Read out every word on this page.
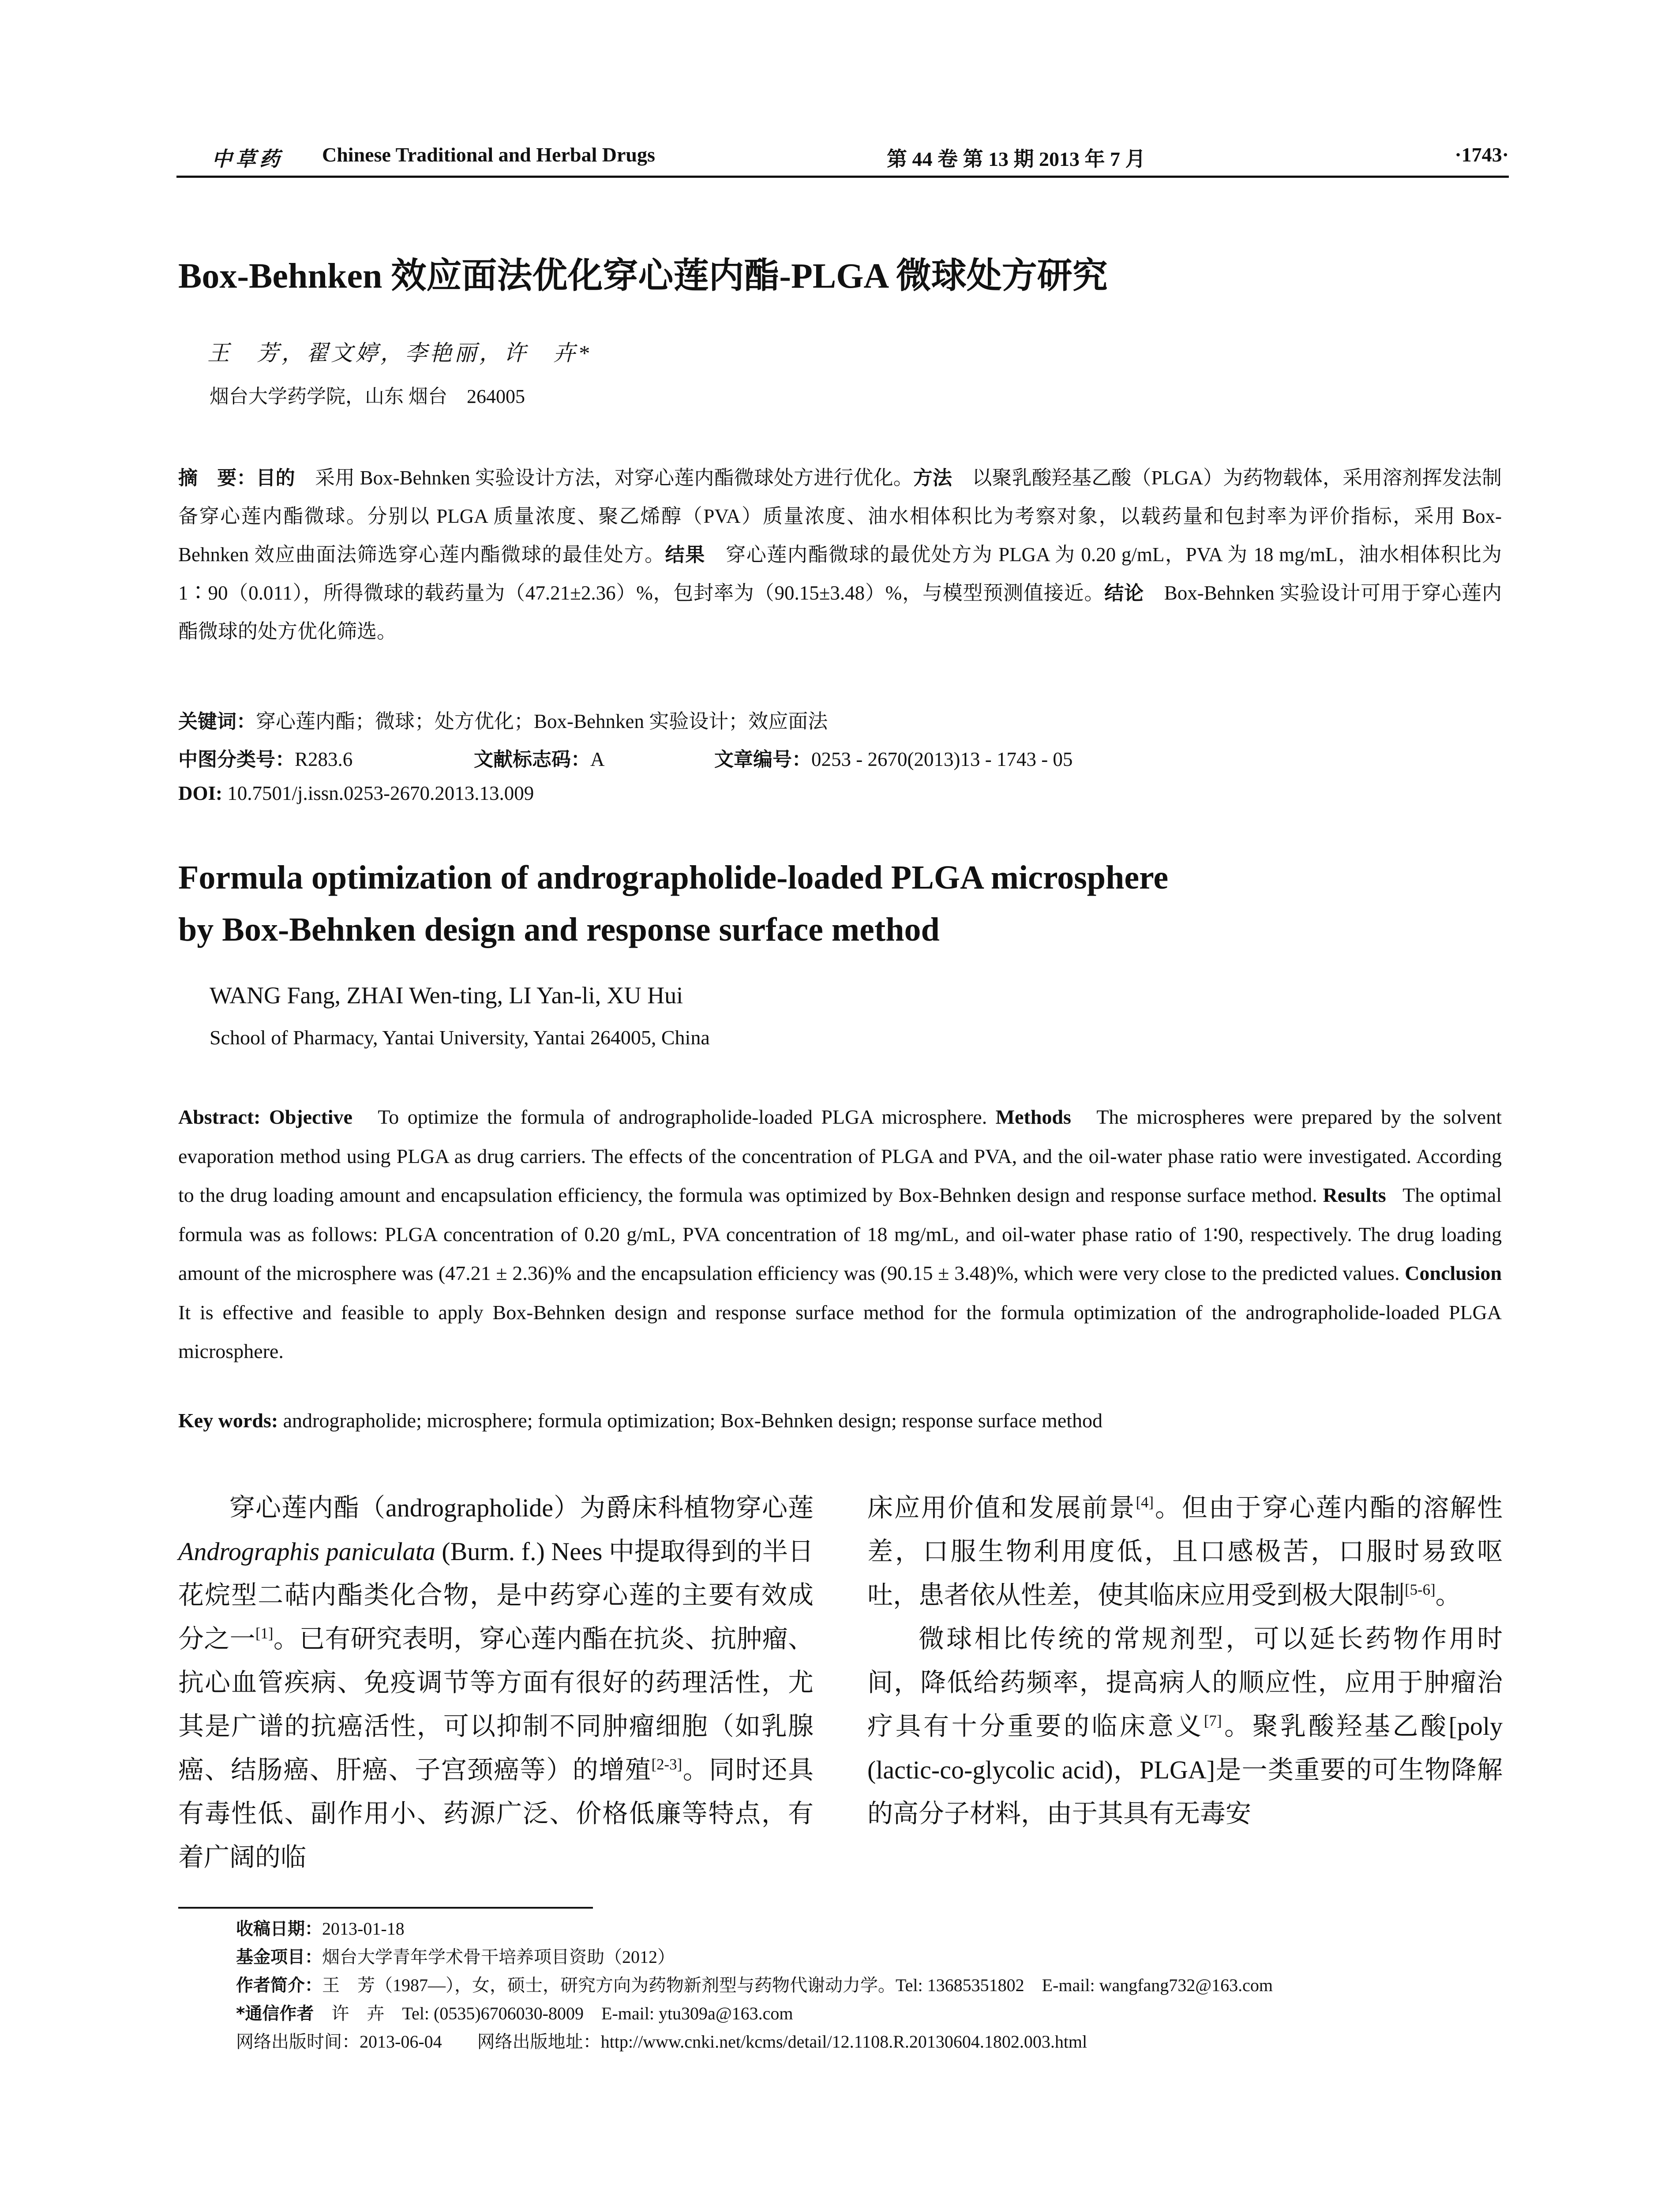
中草药 Chinese Traditional and Herbal Drugs	第 44 卷 第 13 期 2013 年 7 月	·1743·
Box-Behnken 效应面法优化穿心莲内酯-PLGA 微球处方研究
王　芳，翟文婷，李艳丽，许　卉*
烟台大学药学院，山东 烟台　264005
摘　要：目的　 采用 Box-Behnken 实验设计方法，对穿心莲内酯微球处方进行优化。方法　 以聚乳酸羟基乙酸（PLGA）为药物载体，采用溶剂挥发法制备穿心莲内酯微球。分别以 PLGA 质量浓度、聚乙烯醇（PVA）质量浓度、油水相体积比为考察对象，以载药量和包封率为评价指标，采用 Box-Behnken 效应曲面法筛选穿心莲内酯微球的最佳处方。结果　 穿心莲内酯微球的最优处方为 PLGA 为 0.20 g/mL，PVA 为 18 mg/mL，油水相体积比为 1∶90（0.011），所得微球的载药量为（47.21±2.36）%，包封率为（90.15±3.48）%，与模型预测值接近。结论　 Box-Behnken 实验设计可用于穿心莲内酯微球的处方优化筛选。
关键词：穿心莲内酯；微球；处方优化；Box-Behnken 实验设计；效应面法
中图分类号：R283.6	文献标志码：A	文章编号：0253 - 2670(2013)13 - 1743 - 05
DOI: 10.7501/j.issn.0253-2670.2013.13.009
Formula optimization of andrographolide-loaded PLGA microsphere
by Box-Behnken design and response surface method
WANG Fang, ZHAI Wen-ting, LI Yan-li, XU Hui
School of Pharmacy, Yantai University, Yantai 264005, China
Abstract: Objective To optimize the formula of andrographolide-loaded PLGA microsphere. Methods The microspheres were prepared by the solvent evaporation method using PLGA as drug carriers. The effects of the concentration of PLGA and PVA, and the oil-water phase ratio were investigated. According to the drug loading amount and encapsulation efficiency, the formula was optimized by Box-Behnken design and response surface method. Results The optimal formula was as follows: PLGA concentration of 0.20 g/mL, PVA concentration of 18 mg/mL, and oil-water phase ratio of 1∶90, respectively. The drug loading amount of the microsphere was (47.21 ± 2.36)% and the encapsulation efficiency was (90.15 ± 3.48)%, which were very close to the predicted values. Conclusion It is effective and feasible to apply Box-Behnken design and response surface method for the formula optimization of the andrographolide-loaded PLGA microsphere.
Key words: andrographolide; microsphere; formula optimization; Box-Behnken design; response surface method

穿心莲内酯（andrographolide）为爵床科植物穿心莲Andrographis paniculata (Burm. f.) Nees 中提取得到的半日花烷型二萜内酯类化合物，是中药穿心莲的主要有效成分之一[1]。已有研究表明，穿心莲内酯在抗炎、抗肿瘤、抗心血管疾病、免疫调节等方面有很好的药理活性，尤其是广谱的抗癌活性，可以抑制不同肿瘤细胞（如乳腺癌、结肠癌、肝癌、子宫颈癌等）的增殖[2-3]。同时还具有毒性低、副作用小、药源广泛、价格低廉等特点，有着广阔的临

床应用价值和发展前景[4]。但由于穿心莲内酯的溶解性差，口服生物利用度低，且口感极苦，口服时易致呕吐，患者依从性差，使其临床应用受到极大限制[5-6]。

微球相比传统的常规剂型，可以延长药物作用时间，降低给药频率，提高病人的顺应性，应用于肿瘤治疗具有十分重要的临床意义[7]。聚乳酸羟基乙酸[poly (lactic-co-glycolic acid)，PLGA]是一类重要的可生物降解的高分子材料，由于其具有无毒安

收稿日期：2013-01-18
基金项目：烟台大学青年学术骨干培养项目资助（2012）
作者简介：王　芳（1987—），女，硕士，研究方向为药物新剂型与药物代谢动力学。Tel: 13685351802　E-mail: wangfang732@163.com
*通信作者　 许　卉　Tel: (0535)6706030-8009　E-mail: ytu309a@163.com
网络出版时间：2013-06-04　　 网络出版地址：http://www.cnki.net/kcms/detail/12.1108.R.20130604.1802.003.html
